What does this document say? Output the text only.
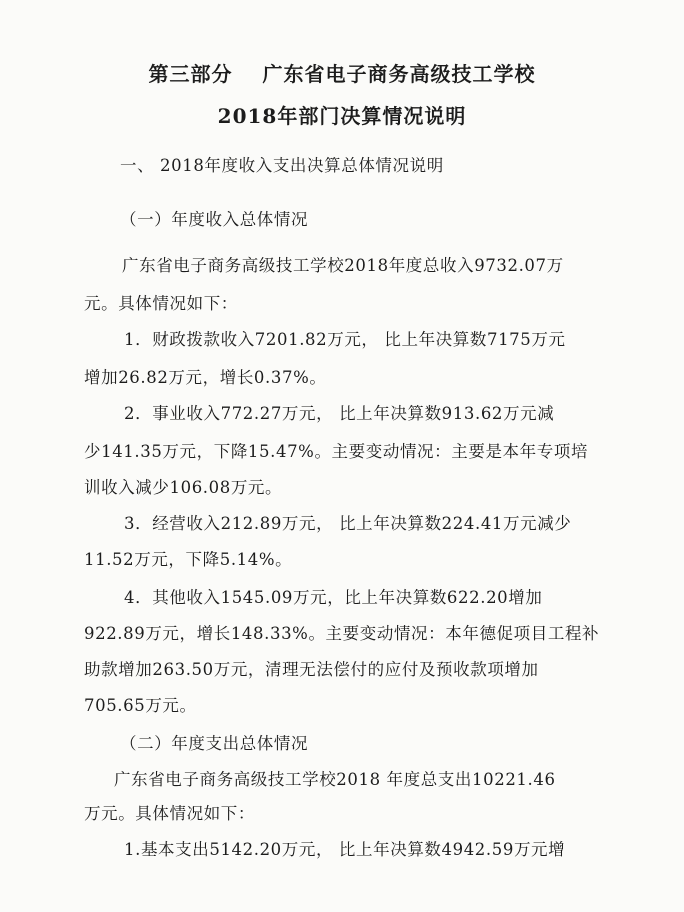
第三部分 广东省电子商务高级技工学校
2018年部门决算情况说明
一、 2018年度收入支出决算总体情况说明
（一）年度收入总体情况
广东省电子商务高级技工学校2018年度总收入9732.07万
元。具体情况如下：
1．财政拨款收入7201.82万元， 比上年决算数7175万元
增加26.82万元，增长0.37%。
2．事业收入772.27万元， 比上年决算数913.62万元减
少141.35万元，下降15.47%。主要变动情况：主要是本年专项培
训收入减少106.08万元。
3．经营收入212.89万元， 比上年决算数224.41万元减少
11.52万元，下降5.14%。
4．其他收入1545.09万元，比上年决算数622.20增加
922.89万元，增长148.33%。主要变动情况：本年德促项目工程补
助款增加263.50万元，清理无法偿付的应付及预收款项增加
705.65万元。
（二）年度支出总体情况
广东省电子商务高级技工学校2018 年度总支出10221.46
万元。具体情况如下：
1.基本支出5142.20万元， 比上年决算数4942.59万元增
